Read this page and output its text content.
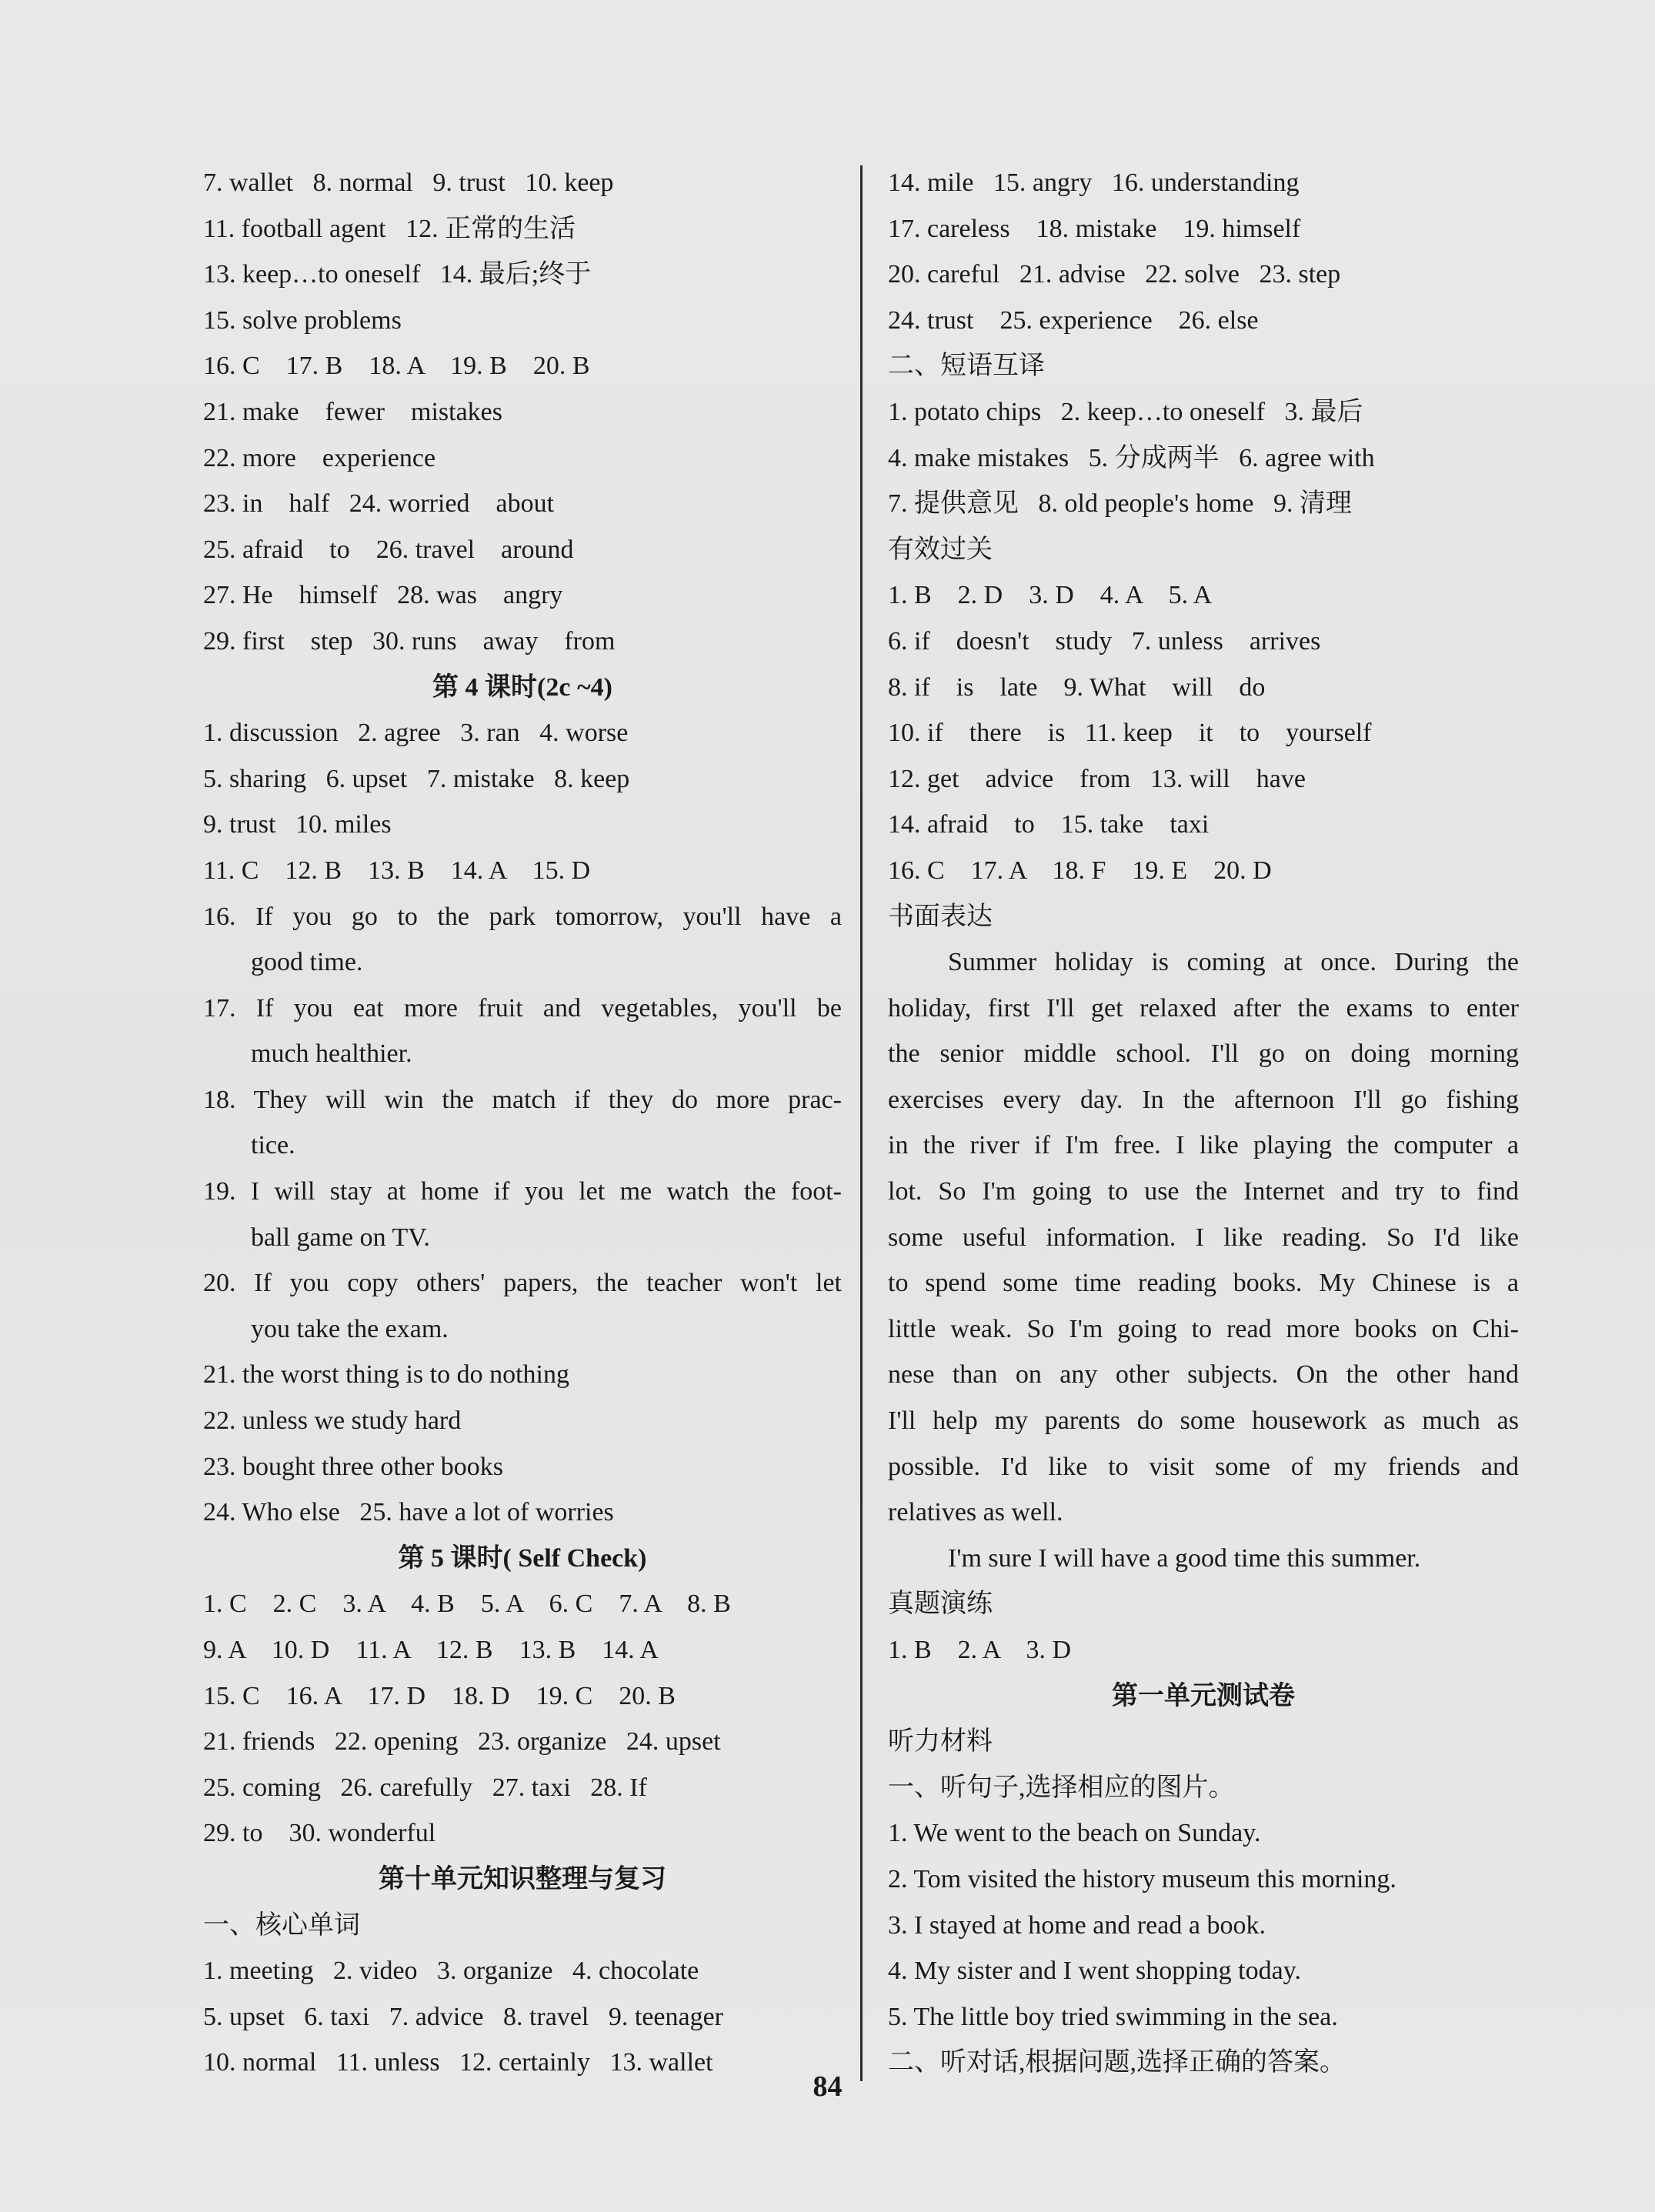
7. wallet   8. normal   9. trust   10. keep
11. football agent   12. 正常的生活
13. keep…to oneself   14. 最后;终于
15. solve problems
16. C    17. B    18. A    19. B    20. B
21. make    fewer    mistakes
22. more    experience
23. in    half   24. worried    about
25. afraid    to    26. travel    around
27. He    himself   28. was    angry
29. first    step   30. runs    away    from
第 4 课时(2c ~4)
1. discussion   2. agree   3. ran   4. worse
5. sharing   6. upset   7. mistake   8. keep
9. trust   10. miles
11. C    12. B    13. B    14. A    15. D
16. If you go to the park tomorrow, you'll have a
good time.
17. If you eat more fruit and vegetables, you'll be
much healthier.
18. They will win the match if they do more prac-
tice.
19. I will stay at home if you let me watch the foot-
ball game on TV.
20. If you copy others' papers, the teacher won't let
you take the exam.
21. the worst thing is to do nothing
22. unless we study hard
23. bought three other books
24. Who else   25. have a lot of worries
第 5 课时( Self Check)
1. C    2. C    3. A    4. B    5. A    6. C    7. A    8. B
9. A    10. D    11. A    12. B    13. B    14. A
15. C    16. A    17. D    18. D    19. C    20. B
21. friends   22. opening   23. organize   24. upset
25. coming   26. carefully   27. taxi   28. If
29. to    30. wonderful
第十单元知识整理与复习
一、核心单词
1. meeting   2. video   3. organize   4. chocolate
5. upset   6. taxi   7. advice   8. travel   9. teenager
10. normal   11. unless   12. certainly   13. wallet
14. mile   15. angry   16. understanding
17. careless    18. mistake    19. himself
20. careful   21. advise   22. solve   23. step
24. trust    25. experience    26. else
二、短语互译
1. potato chips   2. keep…to oneself   3. 最后
4. make mistakes   5. 分成两半   6. agree with
7. 提供意见   8. old people's home   9. 清理
有效过关
1. B    2. D    3. D    4. A    5. A
6. if    doesn't    study   7. unless    arrives
8. if    is    late    9. What    will    do
10. if    there    is   11. keep    it    to    yourself
12. get    advice    from   13. will    have
14. afraid    to    15. take    taxi
16. C    17. A    18. F    19. E    20. D
书面表达
Summer holiday is coming at once. During the
holiday, first I'll get relaxed after the exams to enter
the senior middle school. I'll go on doing morning
exercises every day. In the afternoon I'll go fishing
in the river if I'm free. I like playing the computer a
lot. So I'm going to use the Internet and try to find
some useful information. I like reading. So I'd like
to spend some time reading books. My Chinese is a
little weak. So I'm going to read more books on Chi-
nese than on any other subjects. On the other hand
I'll help my parents do some housework as much as
possible. I'd like to visit some of my friends and
relatives as well.
I'm sure I will have a good time this summer.
真题演练
1. B    2. A    3. D
第一单元测试卷
听力材料
一、听句子,选择相应的图片。
1. We went to the beach on Sunday.
2. Tom visited the history museum this morning.
3. I stayed at home and read a book.
4. My sister and I went shopping today.
5. The little boy tried swimming in the sea.
二、听对话,根据问题,选择正确的答案。
84
